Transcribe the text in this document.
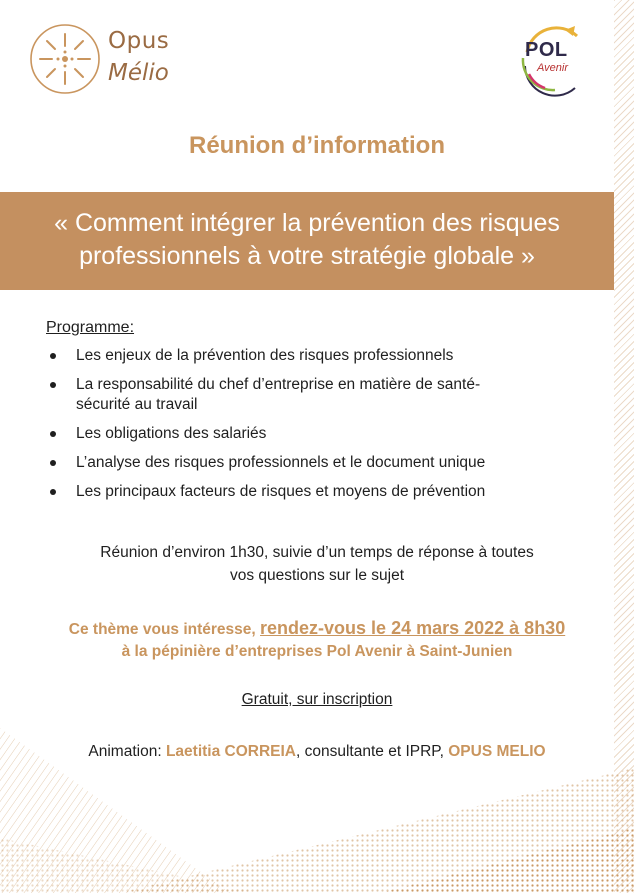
Opus
Mélio
POL
Avenir
Réunion d’information
« Comment intégrer la prévention des risques
professionnels à votre stratégie globale »
Programme:
Les enjeux de la prévention des risques professionnels
La responsabilité du chef d’entreprise en matière de santé-
sécurité au travail
Les obligations des salariés
L’analyse des risques professionnels et le document unique
Les principaux facteurs de risques et moyens de prévention
Réunion d’environ 1h30, suivie d’un temps de réponse à toutes
vos questions sur le sujet
Ce thème vous intéresse, rendez-vous le 24 mars 2022 à 8h30
à la pépinière d’entreprises Pol Avenir à Saint-Junien
Gratuit, sur inscription
Animation: Laetitia CORREIA, consultante et IPRP, OPUS MELIO
